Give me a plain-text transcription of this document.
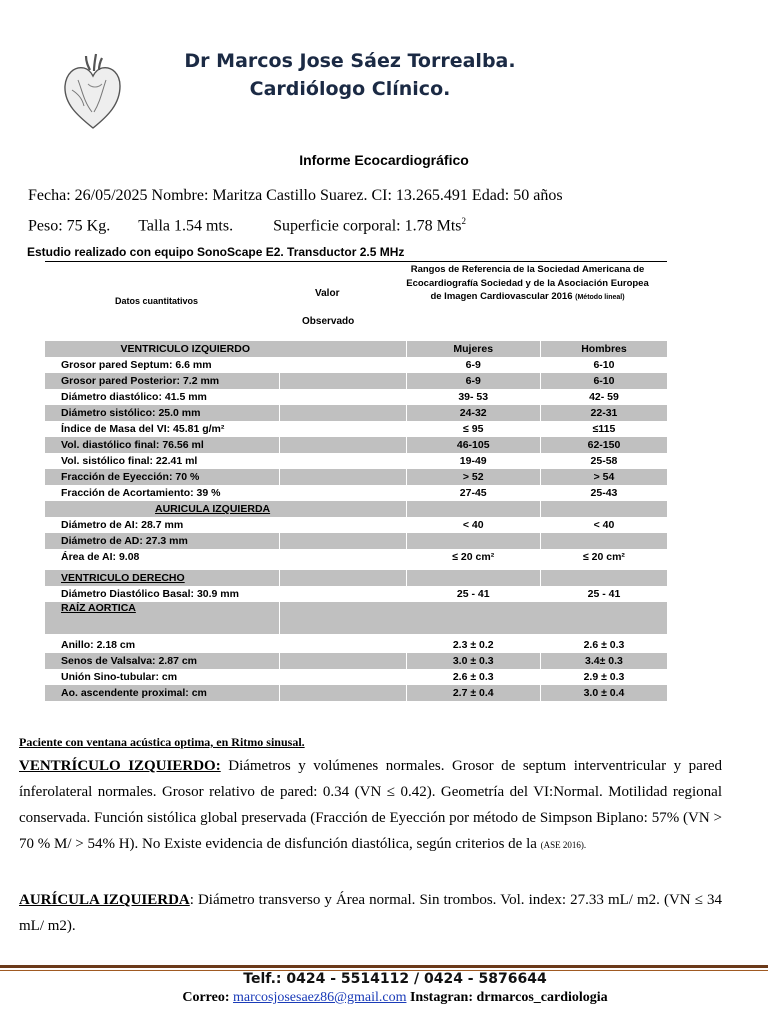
Dr Marcos Jose Sáez Torrealba.
Cardiólogo Clínico.
Informe Ecocardiográfico
Fecha: 26/05/2025 Nombre: Maritza Castillo Suarez. CI: 13.265.491 Edad: 50 años
Peso: 75 Kg. Talla 1.54 mts.	Superficie corporal: 1.78 Mts$^2$
Estudio realizado con equipo SonoScape E2. Transductor 2.5 MHz
Datos cuantitativos
Valor
Observado
Rangos de Referencia de la Sociedad Americana de
Ecocardiografía Sociedad y de la Asociación Europea
de Imagen Cardiovascular 2016 (Método lineal)
VENTRICULO IZQUIERDO		Mujeres	Hombres
Grosor pared Septum: 6.6 mm		6-9	6-10
Grosor pared Posterior: 7.2 mm		6-9	6-10
Diámetro diastólico: 41.5 mm		39- 53	42- 59
Diámetro sistólico: 25.0 mm		24-32	22-31
Índice de Masa del VI: 45.81 g/m²		≤ 95	≤115
Vol. diastólico final: 76.56 ml		46-105	62-150
Vol. sistólico final: 22.41 ml		19-49	25-58
Fracción de Eyección: 70 %		> 52	> 54
Fracción de Acortamiento: 39 %		27-45	25-43
AURICULA IZQUIERDA			
Diámetro de AI: 28.7 mm		< 40	< 40
Diámetro de AD: 27.3 mm			
Área de AI: 9.08		≤ 20 cm²	≤ 20 cm²

VENTRICULO DERECHO			
Diámetro Diastólico Basal: 30.9 mm		25 - 41	25 - 41
RAÍZ AORTICA			

Anillo: 2.18 cm		2.3 ± 0.2	2.6 ± 0.3
Senos de Valsalva: 2.87 cm		3.0 ± 0.3	3.4± 0.3
Unión Sino-tubular: cm		2.6 ± 0.3	2.9 ± 0.3
Ao. ascendente proximal: cm		2.7 ± 0.4	3.0 ± 0.4
Paciente con ventana acústica optima, en Ritmo sinusal.
VENTRÍCULO IZQUIERDO: Diámetros y volúmenes normales. Grosor de septum interventricular y pared ínferolateral normales. Grosor relativo de pared: 0.34 (VN ≤ 0.42). Geometría del VI:Normal. Motilidad regional conservada. Función sistólica global preservada (Fracción de Eyección por método de Simpson Biplano: 57% (VN > 70 % M/ > 54% H). No Existe evidencia de disfunción diastólica, según criterios de la (ASE 2016).
AURÍCULA IZQUIERDA: Diámetro transverso y Área normal. Sin trombos. Vol. index: 27.33 mL/ m2. (VN ≤ 34 mL/ m2).
Telf.: 0424 - 5514112 / 0424 - 5876644
Correo: marcosjosesaez86@gmail.com Instagran: drmarcos_cardiologia
